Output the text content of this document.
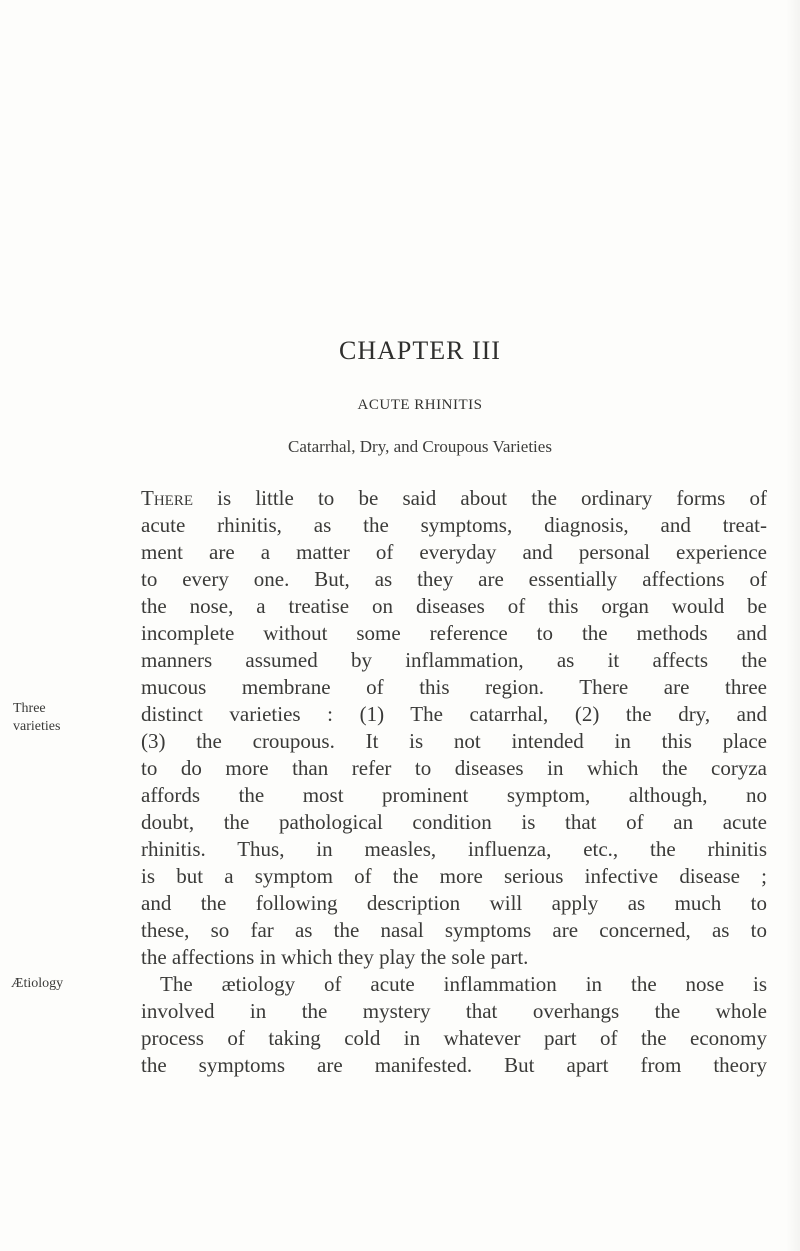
CHAPTER III
ACUTE RHINITIS
Catarrhal, Dry, and Croupous Varieties
There is little to be said about the ordinary forms of
acute rhinitis, as the symptoms, diagnosis, and treat-
ment are a matter of everyday and personal experience
to every one. But, as they are essentially affections of
the nose, a treatise on diseases of this organ would be
incomplete without some reference to the methods and
manners assumed by inflammation, as it affects the
mucous membrane of this region. There are three
distinct varieties : (1) The catarrhal, (2) the dry, and
(3) the croupous. It is not intended in this place
to do more than refer to diseases in which the coryza
affords the most prominent symptom, although, no
doubt, the pathological condition is that of an acute
rhinitis. Thus, in measles, influenza, etc., the rhinitis
is but a symptom of the more serious infective disease ;
and the following description will apply as much to
these, so far as the nasal symptoms are concerned, as to
the affections in which they play the sole part.
The ætiology of acute inflammation in the nose is
involved in the mystery that overhangs the whole
process of taking cold in whatever part of the economy
the symptoms are manifested. But apart from theory
Three
varieties
Ætiology
